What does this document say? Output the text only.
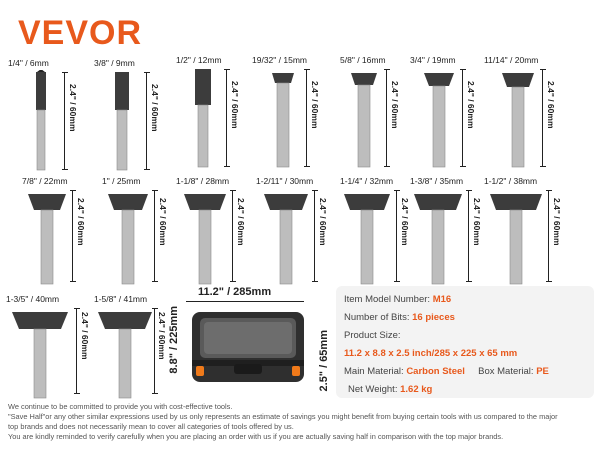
VEVOR
1/4" / 6mm
2.4" / 60mm
3/8" / 9mm
2.4" / 60mm
1/2" / 12mm
2.4" / 60mm
19/32" / 15mm
2.4" / 60mm
5/8" / 16mm
2.4" / 60mm
3/4" / 19mm
2.4" / 60mm
11/14" / 20mm
2.4" / 60mm
7/8" / 22mm
2.4" / 60mm
1" / 25mm
2.4" / 60mm
1-1/8" / 28mm
2.4" / 60mm
1-2/11" / 30mm
2.4" / 60mm
1-1/4" / 32mm
2.4" / 60mm
1-3/8" / 35mm
2.4" / 60mm
1-1/2" / 38mm
2.4" / 60mm
1-3/5" / 40mm
2.4" / 60mm
1-5/8" / 41mm
2.4" / 60mm
11.2" / 285mm
8.8" / 225mm	2.5" / 65mm
Item Model Number: M16
Number of Bits: 16 pieces
Product Size:
11.2 x 8.8 x 2.5 inch/285 x 225 x 65 mm
Main Material: Carbon Steel Box Material: PE
Net Weight: 1.62 kg
We continue to be committed to provide you with cost-effective tools.
"Save Half"or any other similar expressions used by us only represents an estimate of savings you might benefit from buying certain tools with us compared to the major
top brands and does not necessarily mean to cover all categories of tools offered by us.
You are kindly reminded to verify carefully when you are placing an order with us if you are actually saving half in comparison with the top major brands.
